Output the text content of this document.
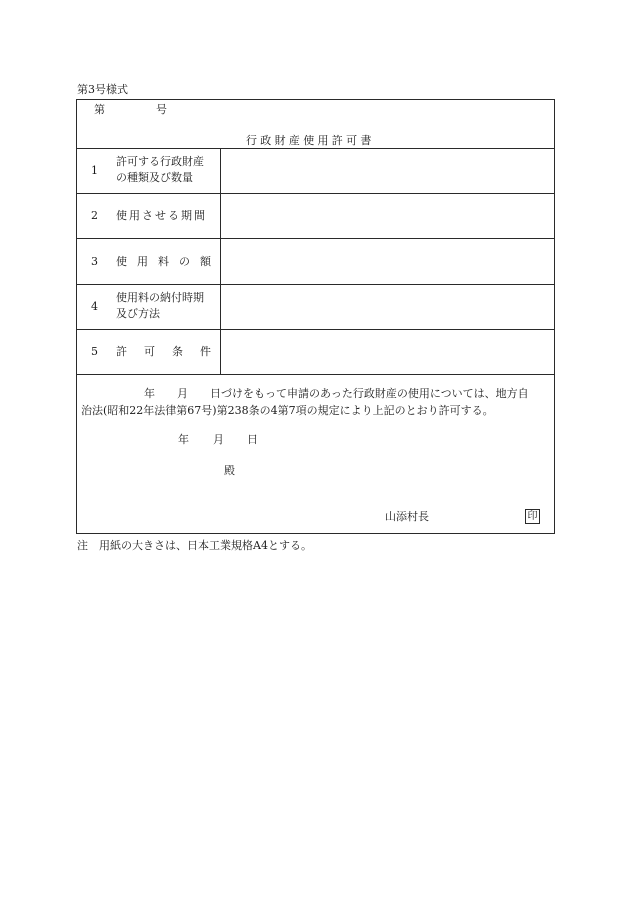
第3号様式
第	号
行政財産使用許可書
1
許可する行政財産
の種類及び数量
2 使用させる期間
3 使用料の額
4
使用料の納付時期
及び方法
5 許可条件
年 月 日づけをもって申請のあった行政財産の使用については、地方自
治法(昭和22年法律第67号)第238条の4第7項の規定により上記のとおり許可する。
年 月 日
殿
山添村長	印
注　用紙の大きさは、日本工業規格A4とする。
